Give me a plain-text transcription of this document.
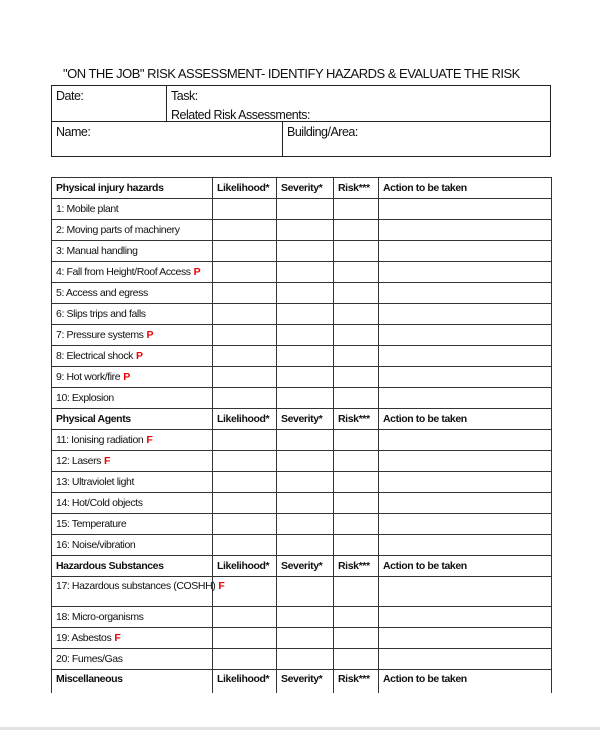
"ON THE JOB" RISK ASSESSMENT- IDENTIFY HAZARDS & EVALUATE THE RISK
Date:	Task:
Related Risk Assessments:
Name:	Building/Area:
Physical injury hazards	Likelihood*	Severity*	Risk***	Action to be taken
1: Mobile plant				
2: Moving parts of machinery				
3: Manual handling				
4: Fall from Height/Roof Access P				
5: Access and egress				
6: Slips trips and falls				
7: Pressure systems P				
8: Electrical shock P				
9: Hot work/fire P				
10: Explosion				
Physical Agents	Likelihood*	Severity*	Risk***	Action to be taken
11: Ionising radiation F				
12: Lasers F				
13: Ultraviolet light				
14: Hot/Cold objects				
15: Temperature				
16: Noise/vibration				
Hazardous Substances	Likelihood*	Severity*	Risk***	Action to be taken
17: Hazardous substances (COSHH) F				
18: Micro-organisms				
19: Asbestos F				
20: Fumes/Gas				
Miscellaneous	Likelihood*	Severity*	Risk***	Action to be taken
